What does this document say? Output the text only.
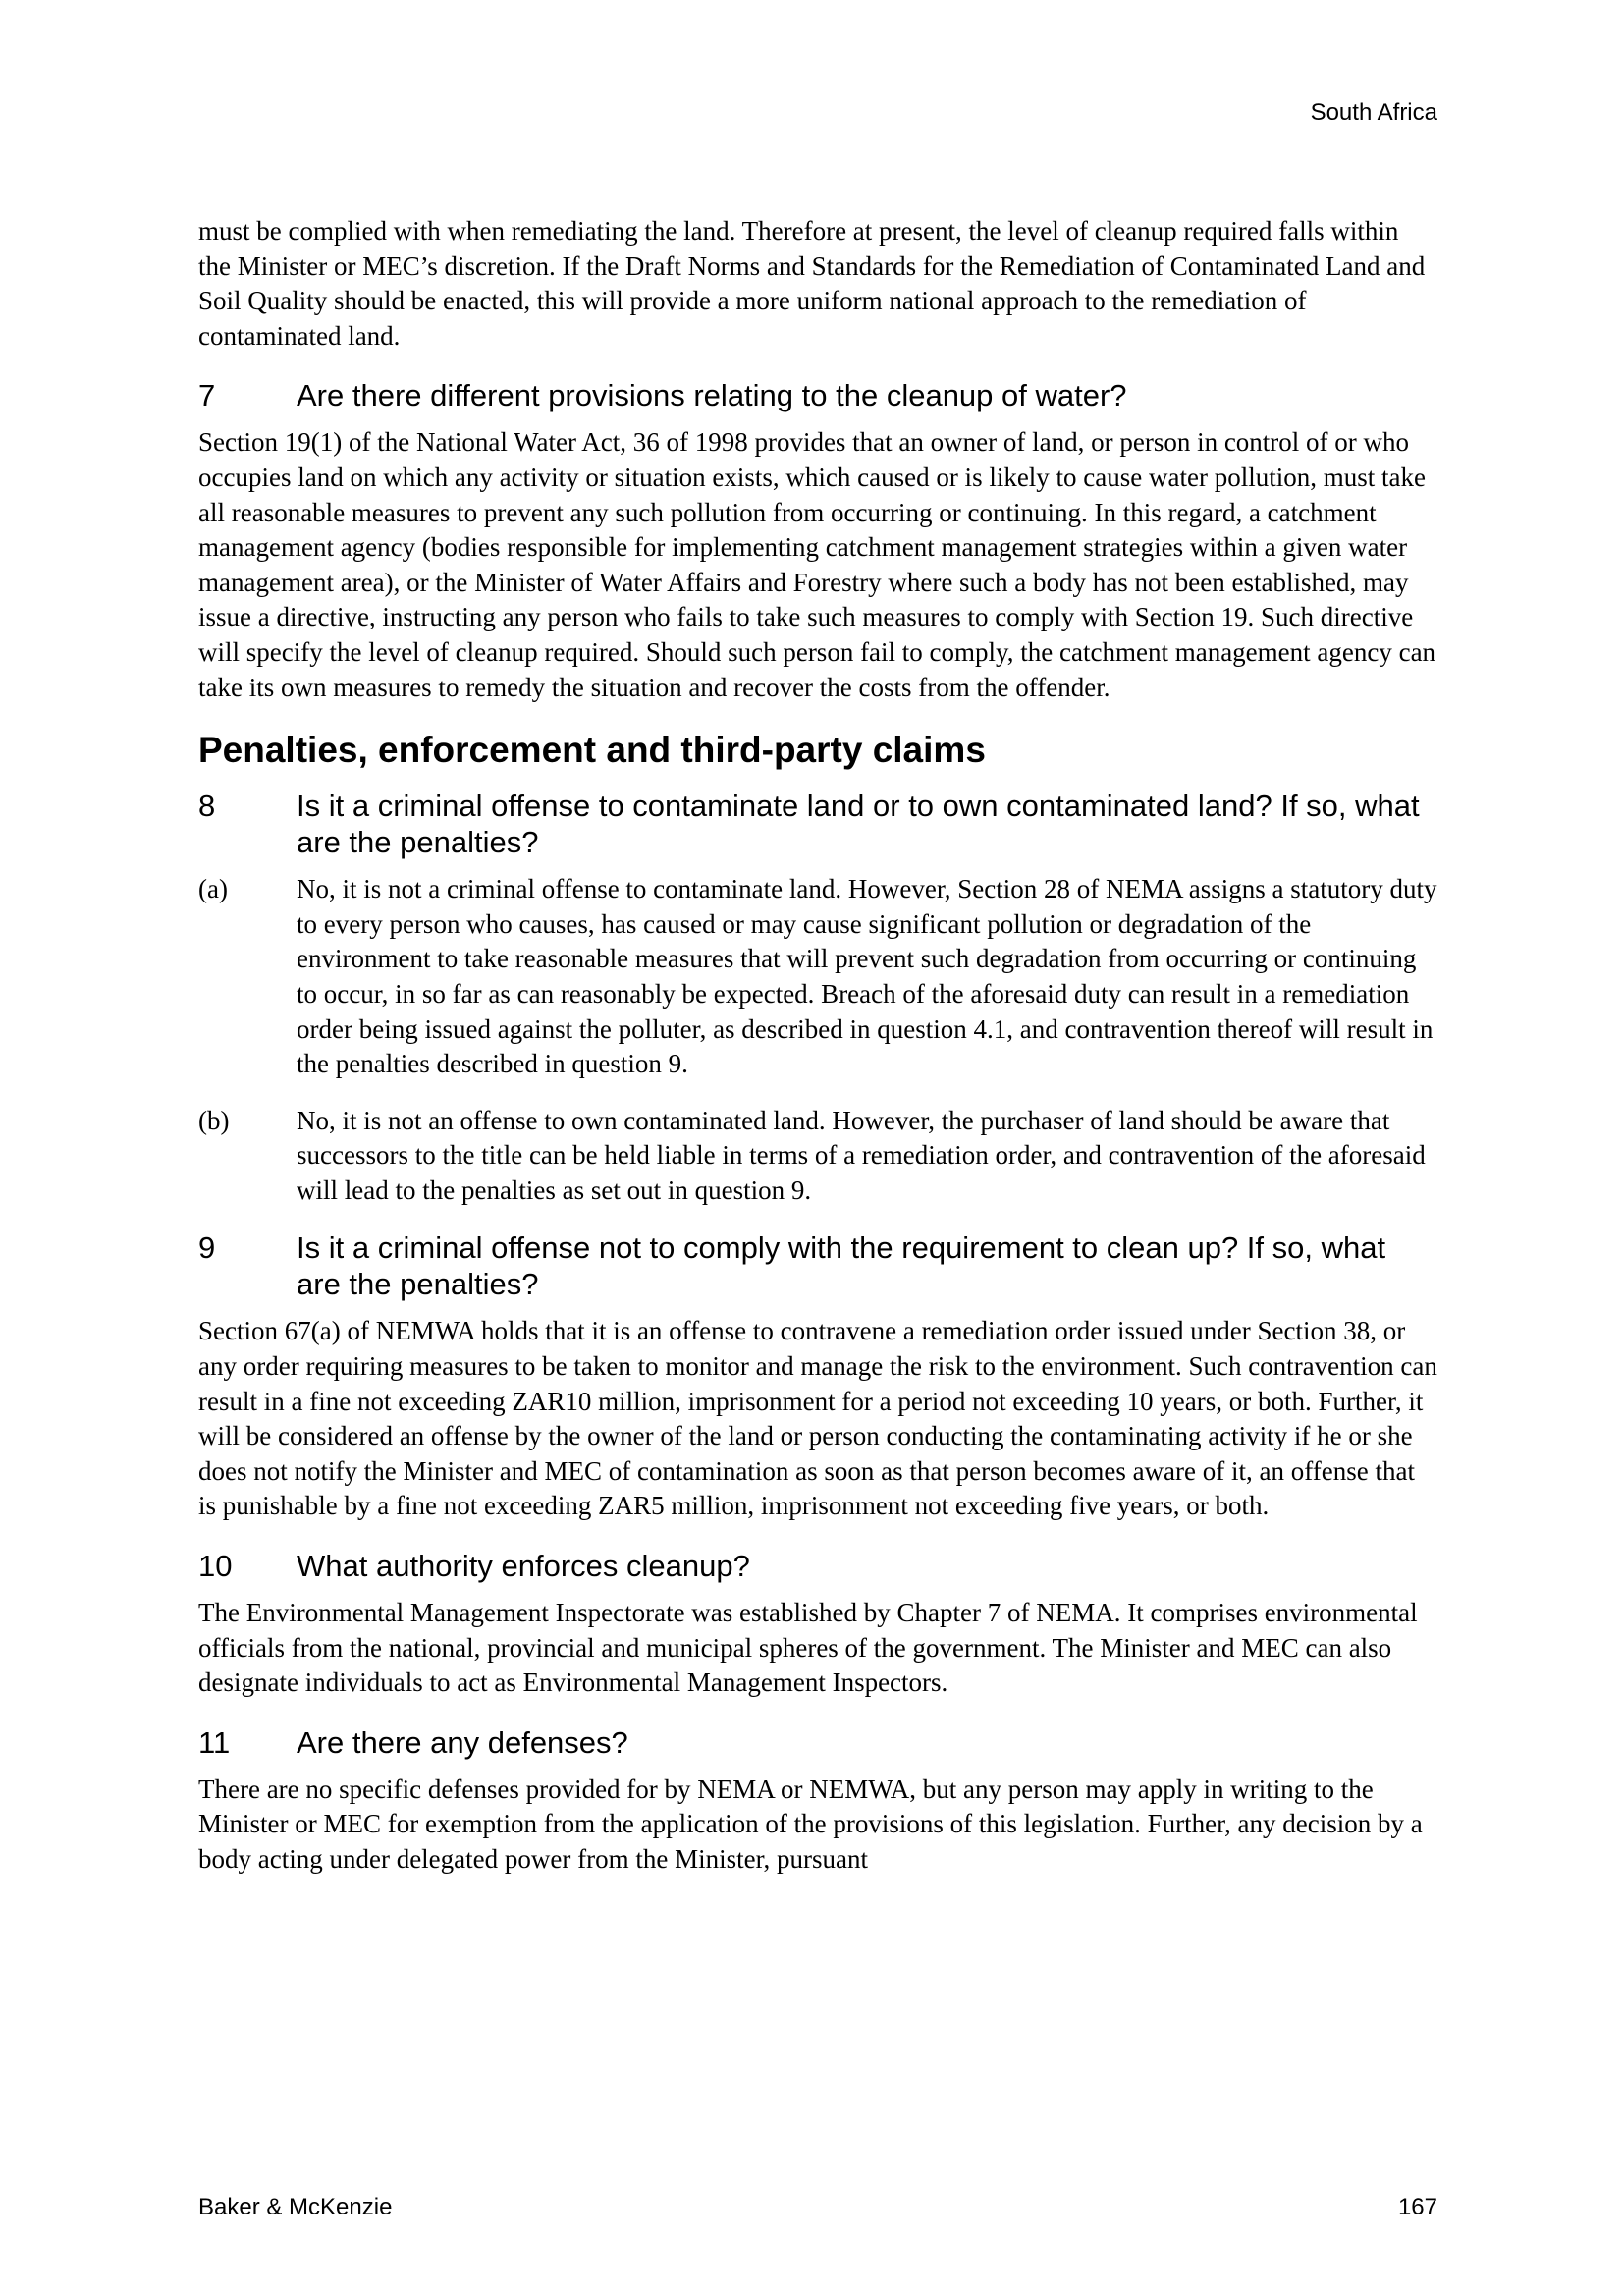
South Africa

must be complied with when remediating the land. Therefore at present, the level of cleanup required falls within the Minister or MEC’s discretion. If the Draft Norms and Standards for the Remediation of Contaminated Land and Soil Quality should be enacted, this will provide a more uniform national approach to the remediation of contaminated land.

7	Are there different provisions relating to the cleanup of water?

Section 19(1) of the National Water Act, 36 of 1998 provides that an owner of land, or person in control of or who occupies land on which any activity or situation exists, which caused or is likely to cause water pollution, must take all reasonable measures to prevent any such pollution from occurring or continuing. In this regard, a catchment management agency (bodies responsible for implementing catchment management strategies within a given water management area), or the Minister of Water Affairs and Forestry where such a body has not been established, may issue a directive, instructing any person who fails to take such measures to comply with Section 19. Such directive will specify the level of cleanup required. Should such person fail to comply, the catchment management agency can take its own measures to remedy the situation and recover the costs from the offender.

Penalties, enforcement and third-party claims
8	Is it a criminal offense to contaminate land or to own contaminated land? If so, what are the penalties?
(a)	No, it is not a criminal offense to contaminate land. However, Section 28 of NEMA assigns a statutory duty to every person who causes, has caused or may cause significant pollution or degradation of the environment to take reasonable measures that will prevent such degradation from occurring or continuing to occur, in so far as can reasonably be expected. Breach of the aforesaid duty can result in a remediation order being issued against the polluter, as described in question 4.1, and contravention thereof will result in the penalties described in question 9.

(b)	No, it is not an offense to own contaminated land. However, the purchaser of land should be aware that successors to the title can be held liable in terms of a remediation order, and contravention of the aforesaid will lead to the penalties as set out in question 9.

9	Is it a criminal offense not to comply with the requirement to clean up? If so, what are the penalties?

Section 67(a) of NEMWA holds that it is an offense to contravene a remediation order issued under Section 38, or any order requiring measures to be taken to monitor and manage the risk to the environment. Such contravention can result in a fine not exceeding ZAR10 million, imprisonment for a period not exceeding 10 years, or both. Further, it will be considered an offense by the owner of the land or person conducting the contaminating activity if he or she does not notify the Minister and MEC of contamination as soon as that person becomes aware of it, an offense that is punishable by a fine not exceeding ZAR5 million, imprisonment not exceeding five years, or both.

10	What authority enforces cleanup?

The Environmental Management Inspectorate was established by Chapter 7 of NEMA. It comprises environmental officials from the national, provincial and municipal spheres of the government. The Minister and MEC can also designate individuals to act as Environmental Management Inspectors.

11	Are there any defenses?

There are no specific defenses provided for by NEMA or NEMWA, but any person may apply in writing to the Minister or MEC for exemption from the application of the provisions of this legislation. Further, any decision by a body acting under delegated power from the Minister, pursuant

Baker & McKenzie	167
